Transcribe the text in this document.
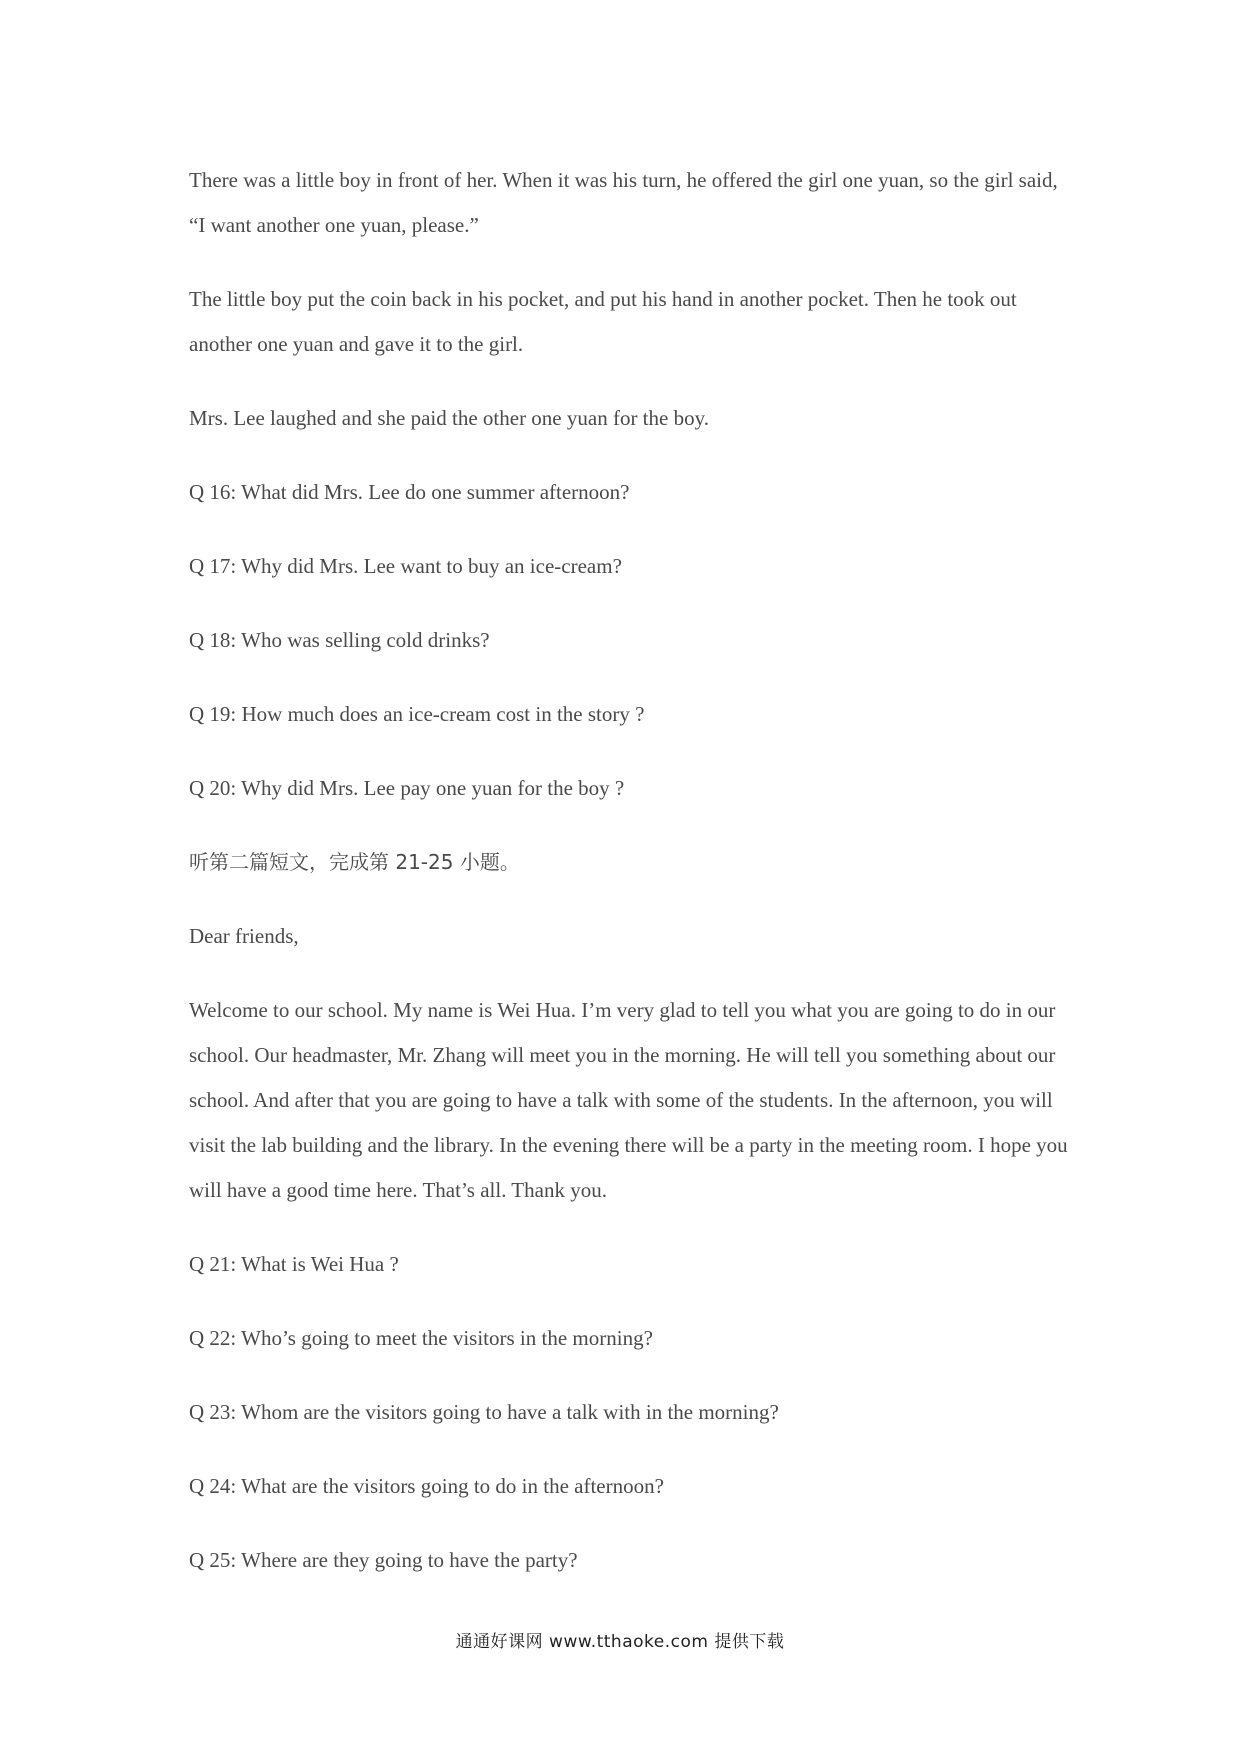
There was a little boy in front of her. When it was his turn, he offered the girl one yuan, so the girl said, “I want another one yuan, please.”

The little boy put the coin back in his pocket, and put his hand in another pocket. Then he took out another one yuan and gave it to the girl.

Mrs. Lee laughed and she paid the other one yuan for the boy.

Q 16: What did Mrs. Lee do one summer afternoon?

Q 17: Why did Mrs. Lee want to buy an ice-cream?

Q 18: Who was selling cold drinks?

Q 19: How much does an ice-cream cost in the story ?

Q 20: Why did Mrs. Lee pay one yuan for the boy ?

听第二篇短文，完成第 21-25 小题。

Dear friends,

Welcome to our school. My name is Wei Hua. I’m very glad to tell you what you are going to do in our school. Our headmaster, Mr. Zhang will meet you in the morning. He will tell you something about our school. And after that you are going to have a talk with some of the students. In the afternoon, you will visit the lab building and the library. In the evening there will be a party in the meeting room. I hope you will have a good time here. That’s all. Thank you.

Q 21: What is Wei Hua ?

Q 22: Who’s going to meet the visitors in the morning?

Q 23: Whom are the visitors going to have a talk with in the morning?

Q 24: What are the visitors going to do in the afternoon?

Q 25: Where are they going to have the party?

通通好课网 www.tthaoke.com 提供下载
